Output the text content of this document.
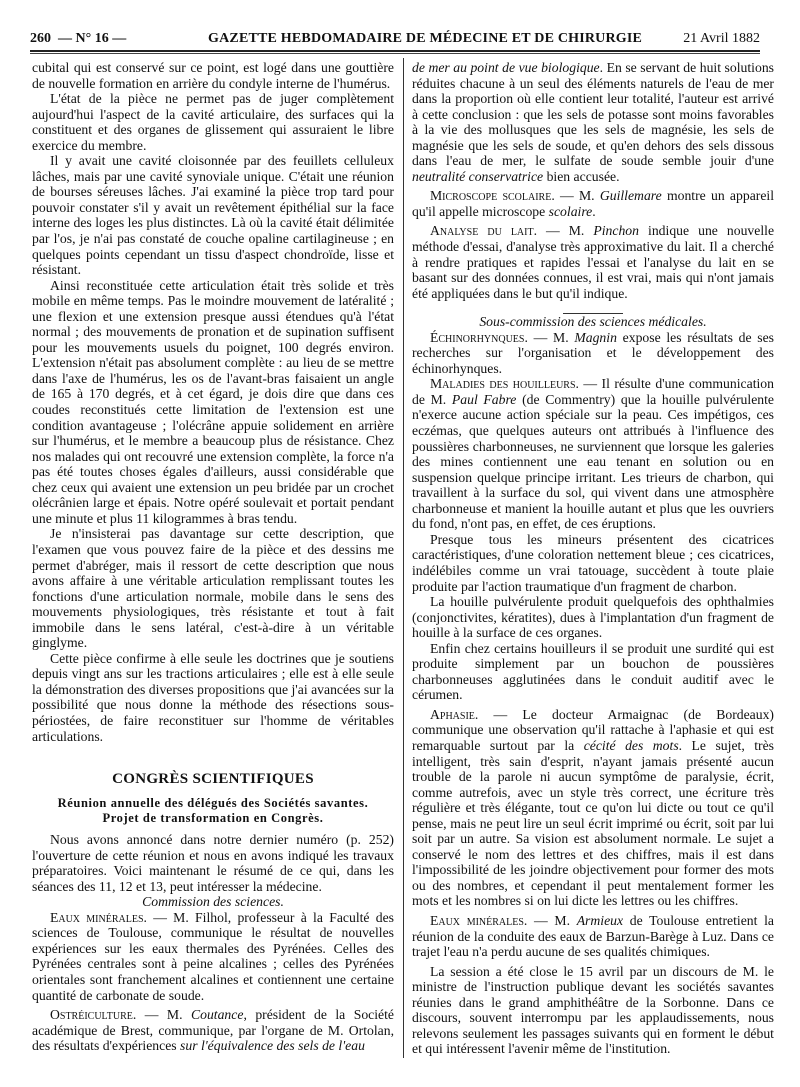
260 — N° 16 —	GAZETTE HEBDOMADAIRE DE MÉDECINE ET DE CHIRURGIE	21 Avril 1882

cubital qui est conservé sur ce point, est logé dans une gouttière de nouvelle formation en arrière du condyle interne de l'humérus.

L'état de la pièce ne permet pas de juger complètement aujourd'hui l'aspect de la cavité articulaire, des surfaces qui la constituent et des organes de glissement qui assuraient le libre exercice du membre.

Il y avait une cavité cloisonnée par des feuillets celluleux lâches, mais par une cavité synoviale unique. C'était une réunion de bourses séreuses lâches. J'ai examiné la pièce trop tard pour pouvoir constater s'il y avait un revêtement épithélial sur la face interne des loges les plus distinctes. Là où la cavité était délimitée par l'os, je n'ai pas constaté de couche opaline cartilagineuse ; en quelques points cependant un tissu d'aspect chondroïde, lisse et résistant.

Ainsi reconstituée cette articulation était très solide et très mobile en même temps. Pas le moindre mouvement de latéralité ; une flexion et une extension presque aussi étendues qu'à l'état normal ; des mouvements de pronation et de supination suffisent pour les mouvements usuels du poignet, 100 degrés environ. L'extension n'était pas absolument complète : au lieu de se mettre dans l'axe de l'humérus, les os de l'avant-bras faisaient un angle de 165 à 170 degrés, et à cet égard, je dois dire que dans ces coudes reconstitués cette limitation de l'extension est une condition avantageuse ; l'olécrâne appuie solidement en arrière sur l'humérus, et le membre a beaucoup plus de résistance. Chez nos malades qui ont recouvré une extension complète, la force n'a pas été toutes choses égales d'ailleurs, aussi considérable que chez ceux qui avaient une extension un peu bridée par un crochet olécrânien large et épais. Notre opéré soulevait et portait pendant une minute et plus 11 kilogrammes à bras tendu.

Je n'insisterai pas davantage sur cette description, que l'examen que vous pouvez faire de la pièce et des dessins me permet d'abréger, mais il ressort de cette description que nous avons affaire à une véritable articulation remplissant toutes les fonctions d'une articulation normale, mobile dans le sens des mouvements physiologiques, très résistante et tout à fait immobile dans le sens latéral, c'est-à-dire à un véritable ginglyme.

Cette pièce confirme à elle seule les doctrines que je soutiens depuis vingt ans sur les tractions articulaires ; elle est à elle seule la démonstration des diverses propositions que j'ai avancées sur la possibilité que nous donne la méthode des résections sous-périostées, de faire reconstituer sur l'homme de véritables articulations.

CONGRÈS SCIENTIFIQUES
Réunion annuelle des délégués des Sociétés savantes.
Projet de transformation en Congrès.

Nous avons annoncé dans notre dernier numéro (p. 252) l'ouverture de cette réunion et nous en avons indiqué les travaux préparatoires. Voici maintenant le résumé de ce qui, dans les séances des 11, 12 et 13, peut intéresser la médecine.

Commission des sciences.

Eaux minérales. — M. Filhol, professeur à la Faculté des sciences de Toulouse, communique le résultat de nouvelles expériences sur les eaux thermales des Pyrénées. Celles des Pyrénées centrales sont à peine alcalines ; celles des Pyrénées orientales sont franchement alcalines et contiennent une certaine quantité de carbonate de soude.

Ostréiculture. — M. Coutance, président de la Société académique de Brest, communique, par l'organe de M. Ortolan, des résultats d'expériences sur l'équivalence des sels de l'eau

de mer au point de vue biologique. En se servant de huit solutions réduites chacune à un seul des éléments naturels de l'eau de mer dans la proportion où elle contient leur totalité, l'auteur est arrivé à cette conclusion : que les sels de potasse sont moins favorables à la vie des mollusques que les sels de magnésie, les sels de magnésie que les sels de soude, et qu'en dehors des sels dissous dans l'eau de mer, le sulfate de soude semble jouir d'une neutralité conservatrice bien accusée.

Microscope scolaire. — M. Guillemare montre un appareil qu'il appelle microscope scolaire.

Analyse du lait. — M. Pinchon indique une nouvelle méthode d'essai, d'analyse très approximative du lait. Il a cherché à rendre pratiques et rapides l'essai et l'analyse du lait en se basant sur des données connues, il est vrai, mais qui n'ont jamais été appliquées dans le but qu'il indique.

Sous-commission des sciences médicales.

Échinorhynques. — M. Magnin expose les résultats de ses recherches sur l'organisation et le développement des échinorhynques.

Maladies des houilleurs. — Il résulte d'une communication de M. Paul Fabre (de Commentry) que la houille pulvérulente n'exerce aucune action spéciale sur la peau. Ces impétigos, ces eczémas, que quelques auteurs ont attribués à l'influence des poussières charbonneuses, ne surviennent que lorsque les galeries des mines contiennent une eau tenant en solution ou en suspension quelque principe irritant. Les trieurs de charbon, qui travaillent à la surface du sol, qui vivent dans une atmosphère charbonneuse et manient la houille autant et plus que les ouvriers du fond, n'ont pas, en effet, de ces éruptions.

Presque tous les mineurs présentent des cicatrices caractéristiques, d'une coloration nettement bleue ; ces cicatrices, indélébiles comme un vrai tatouage, succèdent à toute plaie produite par l'action traumatique d'un fragment de charbon.

La houille pulvérulente produit quelquefois des ophthalmies (conjonctivites, kératites), dues à l'implantation d'un fragment de houille à la surface de ces organes.

Enfin chez certains houilleurs il se produit une surdité qui est produite simplement par un bouchon de poussières charbonneuses agglutinées dans le conduit auditif avec le cérumen.

Aphasie. — Le docteur Armaignac (de Bordeaux) communique une observation qu'il rattache à l'aphasie et qui est remarquable surtout par la cécité des mots. Le sujet, très intelligent, très sain d'esprit, n'ayant jamais présenté aucun trouble de la parole ni aucun symptôme de paralysie, écrit, comme autrefois, avec un style très correct, une écriture très régulière et très élégante, tout ce qu'on lui dicte ou tout ce qu'il pense, mais ne peut lire un seul écrit imprimé ou écrit, soit par lui soit par un autre. Sa vision est absolument normale. Le sujet a conservé le nom des lettres et des chiffres, mais il est dans l'impossibilité de les joindre objectivement pour former des mots ou des nombres, et cependant il peut mentalement former les mots et les nombres si on lui dicte les lettres ou les chiffres.

Eaux minérales. — M. Armieux de Toulouse entretient la réunion de la conduite des eaux de Barzun-Barège à Luz. Dans ce trajet l'eau n'a perdu aucune de ses qualités chimiques.

La session a été close le 15 avril par un discours de M. le ministre de l'instruction publique devant les sociétés savantes réunies dans le grand amphithéâtre de la Sorbonne. Dans ce discours, souvent interrompu par les applaudissements, nous relevons seulement les passages suivants qui en forment le début et qui intéressent l'avenir même de l'institution.
